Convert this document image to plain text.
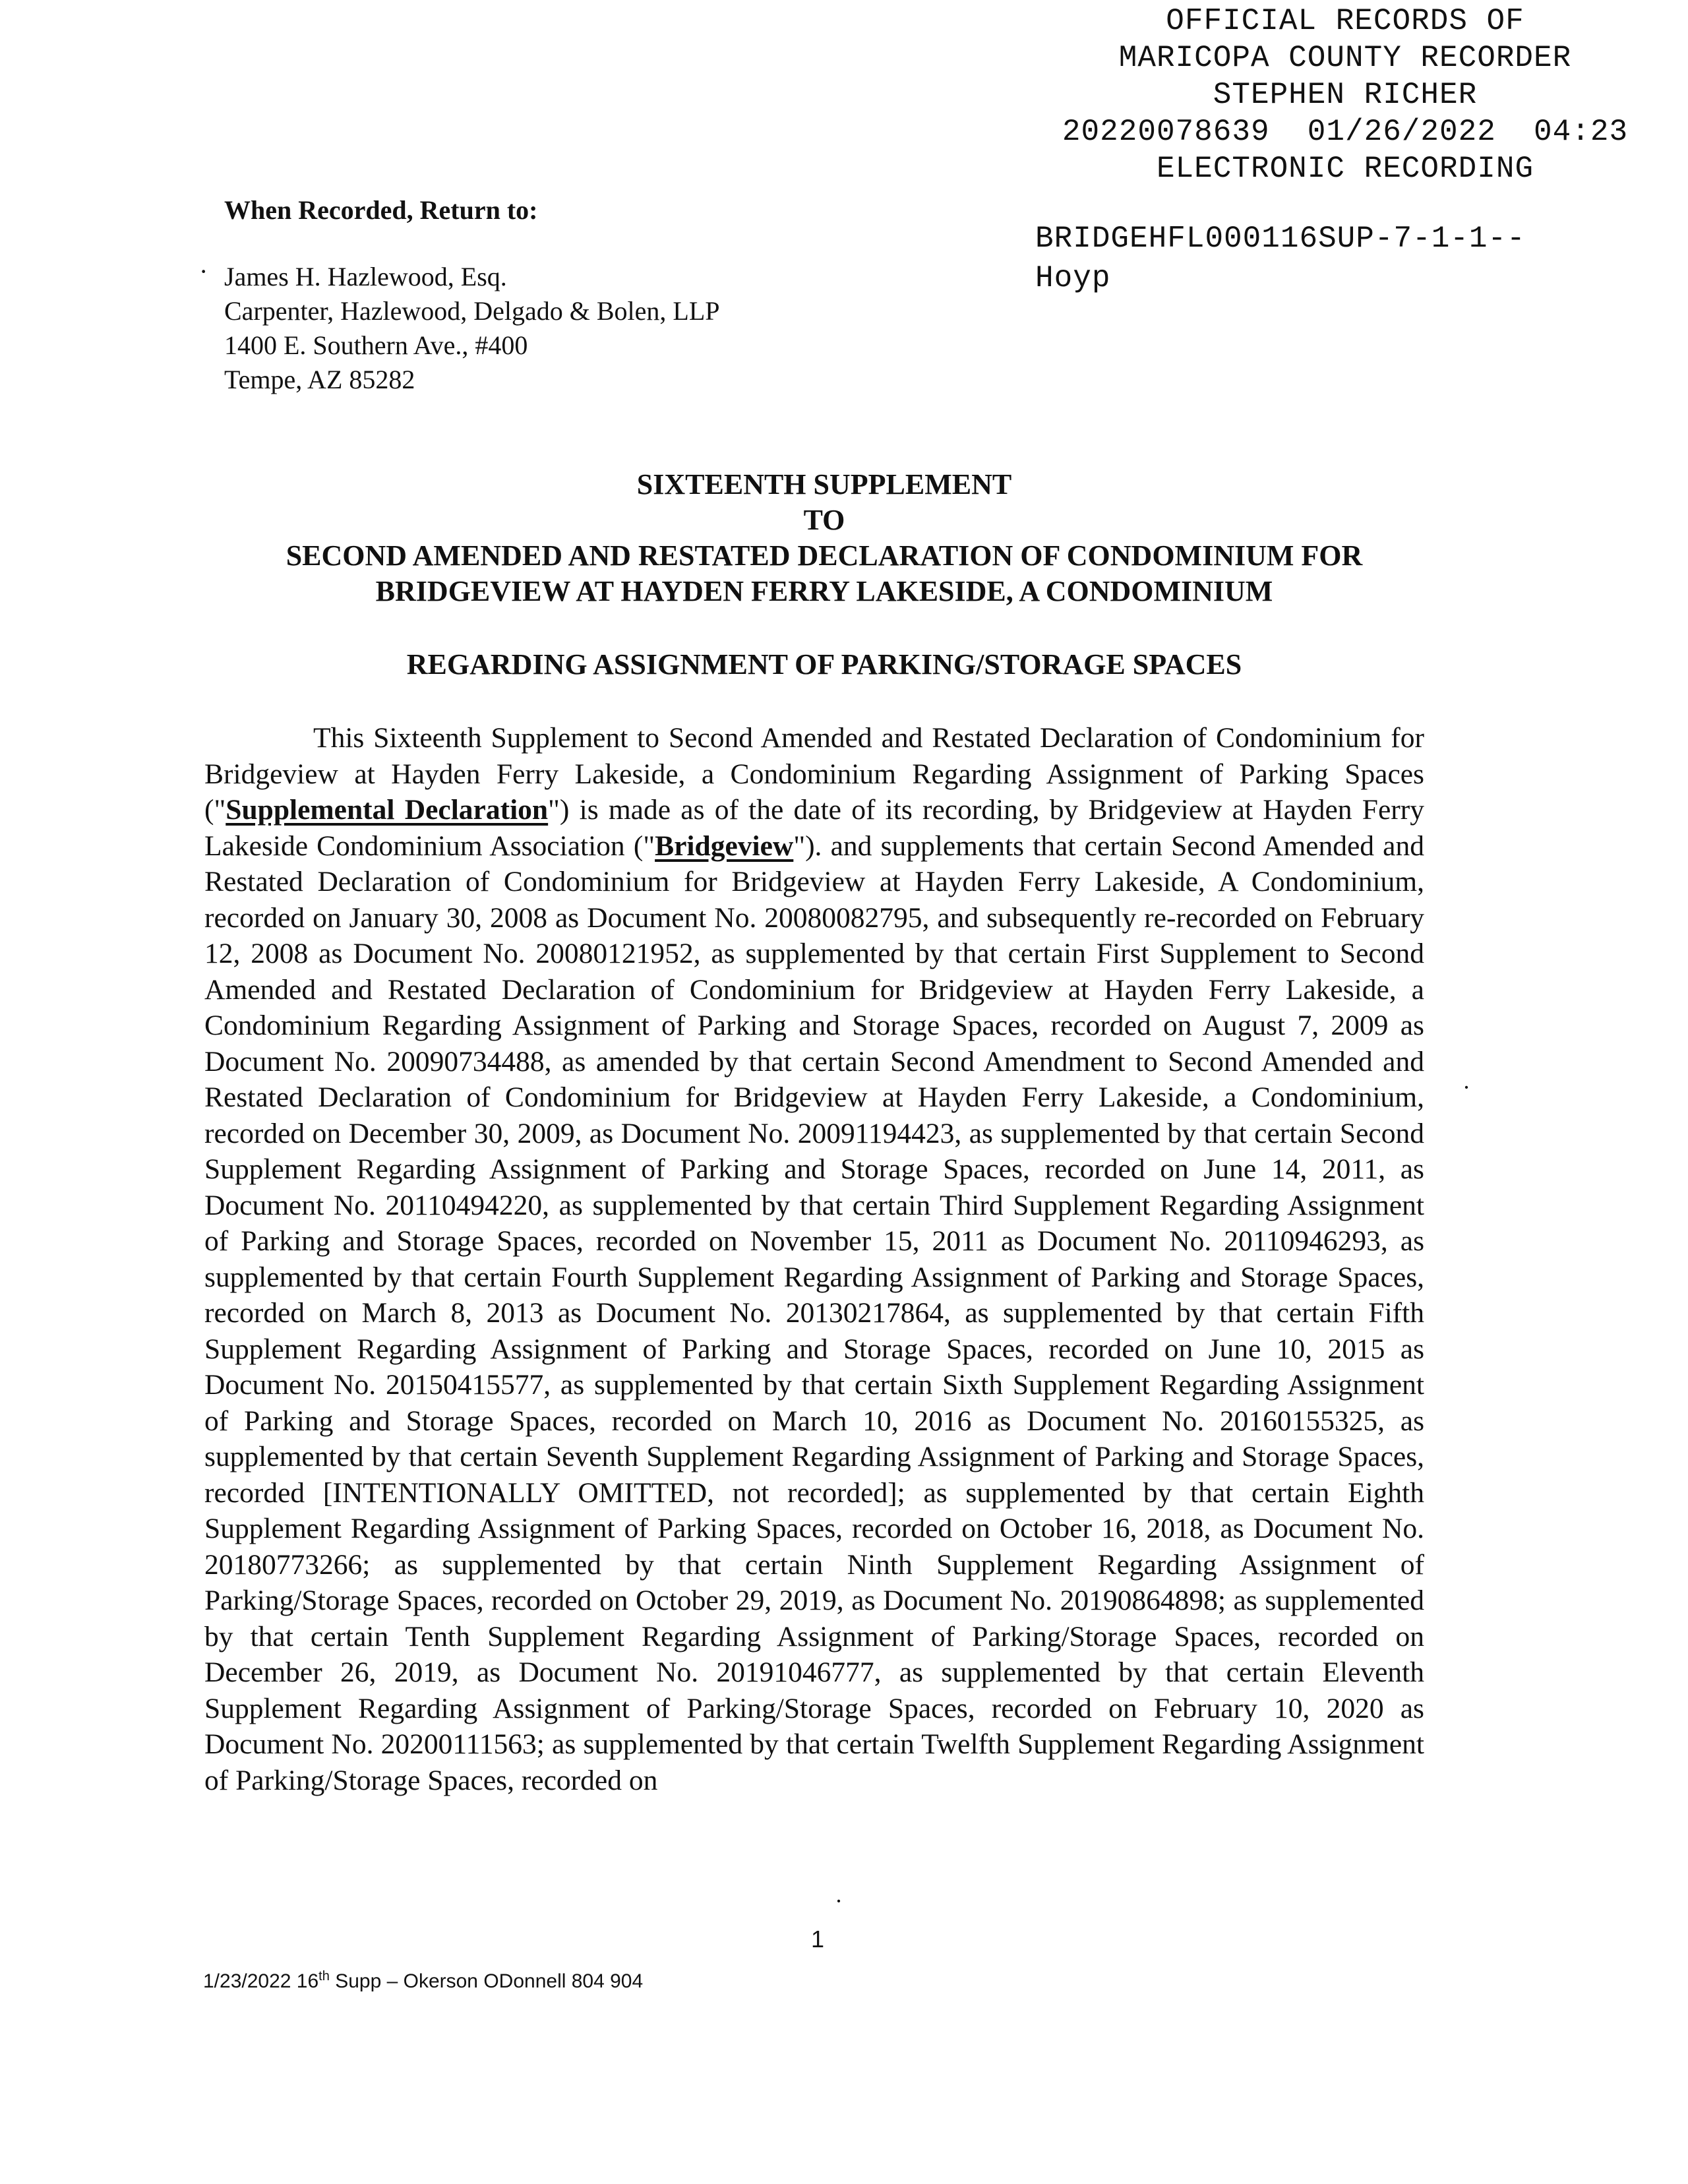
OFFICIAL RECORDS OF
MARICOPA COUNTY RECORDER
STEPHEN RICHER
20220078639  01/26/2022  04:23
ELECTRONIC RECORDING
BRIDGEHFL000116SUP-7-1-1--
Hoyp
When Recorded, Return to:
· James H. Hazlewood, Esq.
Carpenter, Hazlewood, Delgado & Bolen, LLP
1400 E. Southern Ave., #400
Tempe, AZ 85282
SIXTEENTH SUPPLEMENT
TO
SECOND AMENDED AND RESTATED DECLARATION OF CONDOMINIUM FOR
BRIDGEVIEW AT HAYDEN FERRY LAKESIDE, A CONDOMINIUM
REGARDING ASSIGNMENT OF PARKING/STORAGE SPACES
This Sixteenth Supplement to Second Amended and Restated Declaration of Condominium for Bridgeview at Hayden Ferry Lakeside, a Condominium Regarding Assignment of Parking Spaces ("Supplemental Declaration") is made as of the date of its recording, by Bridgeview at Hayden Ferry Lakeside Condominium Association ("Bridgeview"). and supplements that certain Second Amended and Restated Declaration of Condominium for Bridgeview at Hayden Ferry Lakeside, A Condominium, recorded on January 30, 2008 as Document No. 20080082795, and subsequently re-recorded on February 12, 2008 as Document No. 20080121952, as supplemented by that certain First Supplement to Second Amended and Restated Declaration of Condominium for Bridgeview at Hayden Ferry Lakeside, a Condominium Regarding Assignment of Parking and Storage Spaces, recorded on August 7, 2009 as Document No. 20090734488, as amended by that certain Second Amendment to Second Amended and Restated Declaration of Condominium for Bridgeview at Hayden Ferry Lakeside, a Condominium, recorded on December 30, 2009, as Document No. 20091194423, as supplemented by that certain Second Supplement Regarding Assignment of Parking and Storage Spaces, recorded on June 14, 2011, as Document No. 20110494220, as supplemented by that certain Third Supplement Regarding Assignment of Parking and Storage Spaces, recorded on November 15, 2011 as Document No. 20110946293, as supplemented by that certain Fourth Supplement Regarding Assignment of Parking and Storage Spaces, recorded on March 8, 2013 as Document No. 20130217864, as supplemented by that certain Fifth Supplement Regarding Assignment of Parking and Storage Spaces, recorded on June 10, 2015 as Document No. 20150415577, as supplemented by that certain Sixth Supplement Regarding Assignment of Parking and Storage Spaces, recorded on March 10, 2016 as Document No. 20160155325, as supplemented by that certain Seventh Supplement Regarding Assignment of Parking and Storage Spaces, recorded [INTENTIONALLY OMITTED, not recorded]; as supplemented by that certain Eighth Supplement Regarding Assignment of Parking Spaces, recorded on October 16, 2018, as Document No. 20180773266; as supplemented by that certain Ninth Supplement Regarding Assignment of Parking/Storage Spaces, recorded on October 29, 2019, as Document No. 20190864898; as supplemented by that certain Tenth Supplement Regarding Assignment of Parking/Storage Spaces, recorded on December 26, 2019, as Document No. 20191046777, as supplemented by that certain Eleventh Supplement Regarding Assignment of Parking/Storage Spaces, recorded on February 10, 2020 as Document No. 20200111563; as supplemented by that certain Twelfth Supplement Regarding Assignment of Parking/Storage Spaces, recorded on
·
·
1
1/23/2022 16th Supp – Okerson ODonnell 804 904
